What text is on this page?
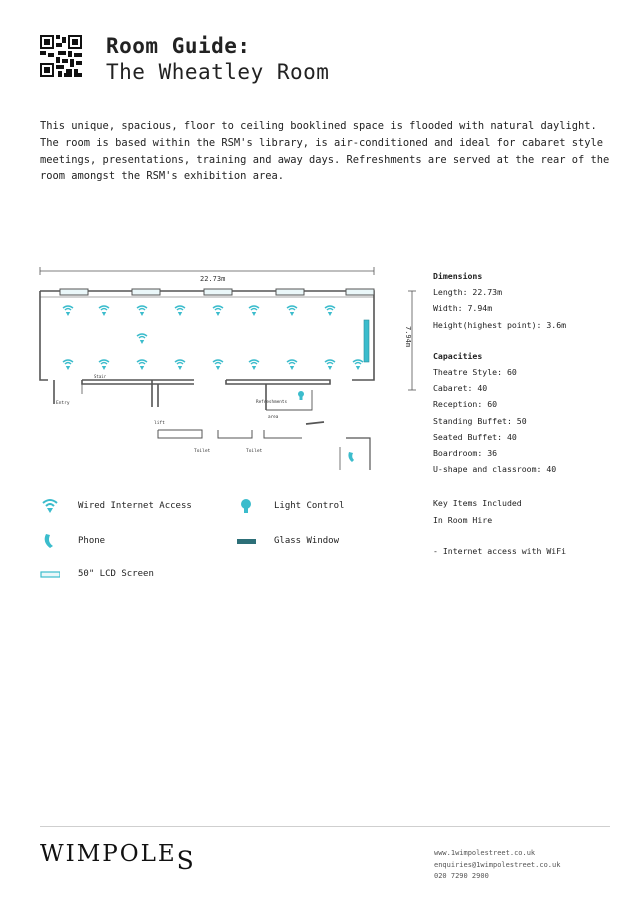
Room Guide:
The Wheatley Room
This unique, spacious, floor to ceiling booklined space is flooded with natural daylight. The room is based within the RSM's library, is air-conditioned and ideal for cabaret style meetings, presentations, training and away days. Refreshments are served at the rear of the room amongst the RSM's exhibition area.
Stair
Entry	Refreshments
area
Toilet	Toilet
lift
22.73m
7.94m
Dimensions
Length: 22.73m
Width: 7.94m
Height(highest point): 3.6m
Capacities
Theatre Style: 60
Cabaret: 40
Reception: 60
Standing Buffet: 50
Seated Buffet: 40
Boardroom: 36
U-shape and classroom: 40
Key Items Included
In Room Hire
- Internet access with WiFi
Wired Internet Access	Light Control
Phone	Glass Window
50" LCD Screen
WIMPOLES	www.1wimpolestreet.co.uk
enquiries@1wimpolestreet.co.uk
020 7290 2900
